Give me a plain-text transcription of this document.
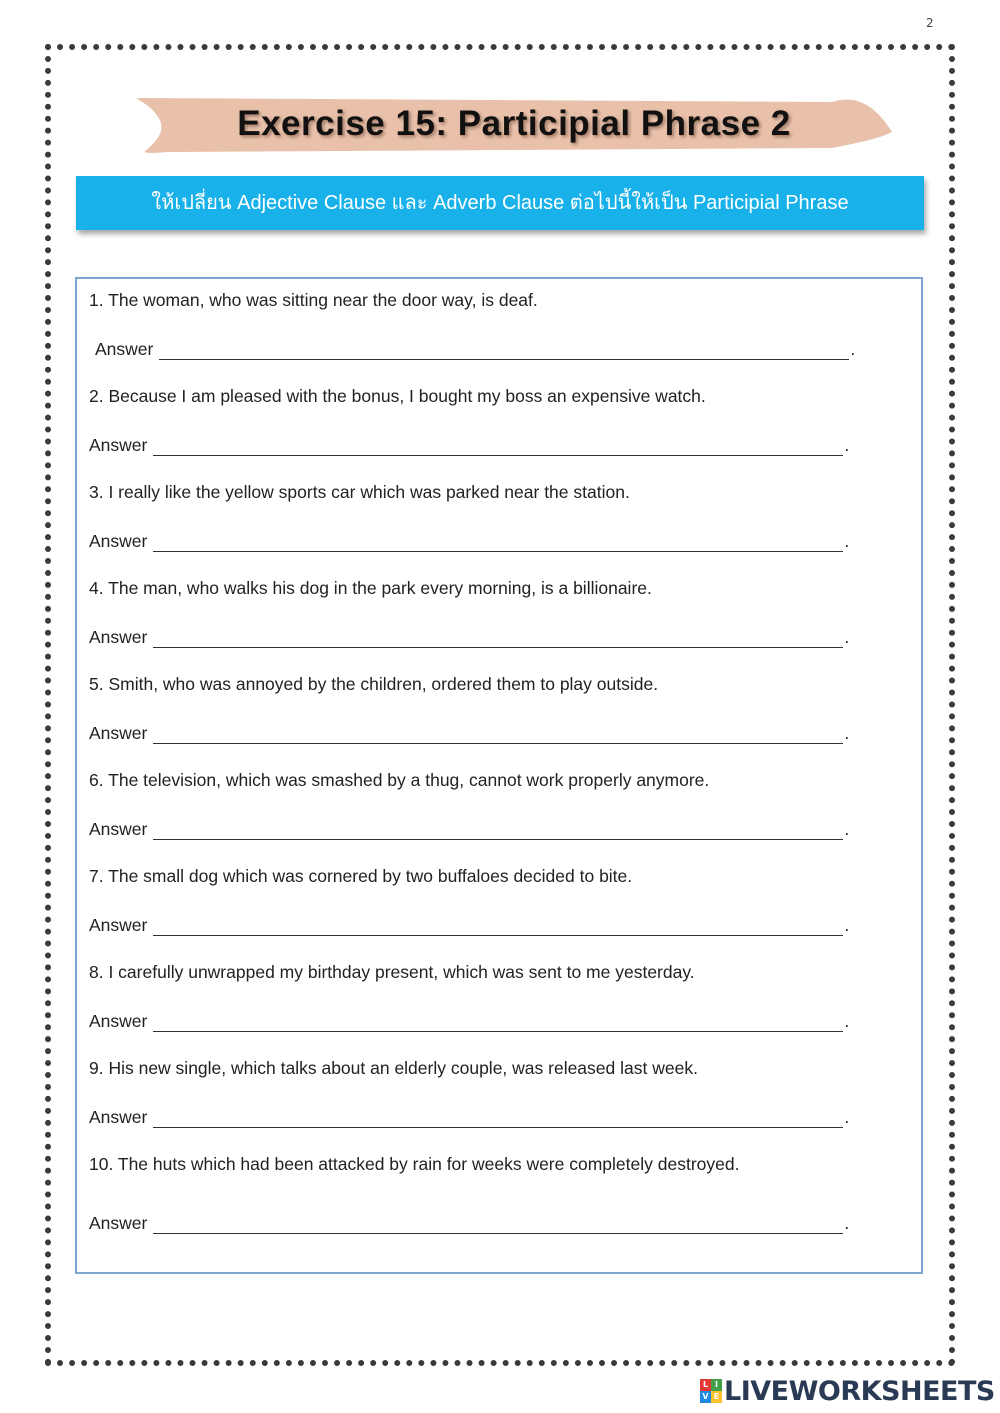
2
Exercise 15: Participial Phrase 2
ให้เปลี่ยน Adjective Clause และ Adverb Clause ต่อไปนี้ให้เป็น Participial Phrase
1. The woman, who was sitting near the door way, is deaf.
Answer	.
2. Because I am pleased with the bonus, I bought my boss an expensive watch.
Answer	.
3. I really like the yellow sports car which was parked near the station.
Answer	.
4. The man, who walks his dog in the park every morning, is a billionaire.
Answer	.
5. Smith, who was annoyed by the children, ordered them to play outside.
Answer	.
6. The television, which was smashed by a thug, cannot work properly anymore.
Answer	.
7. The small dog which was cornered by two buffaloes decided to bite.
Answer	.
8. I carefully unwrapped my birthday present, which was sent to me yesterday.
Answer	.
9. His new single, which talks about an elderly couple, was released last week.
Answer	.
10. The huts which had been attacked by rain for weeks were completely destroyed.
Answer	.
L I
V E LIVEWORKSHEETS
